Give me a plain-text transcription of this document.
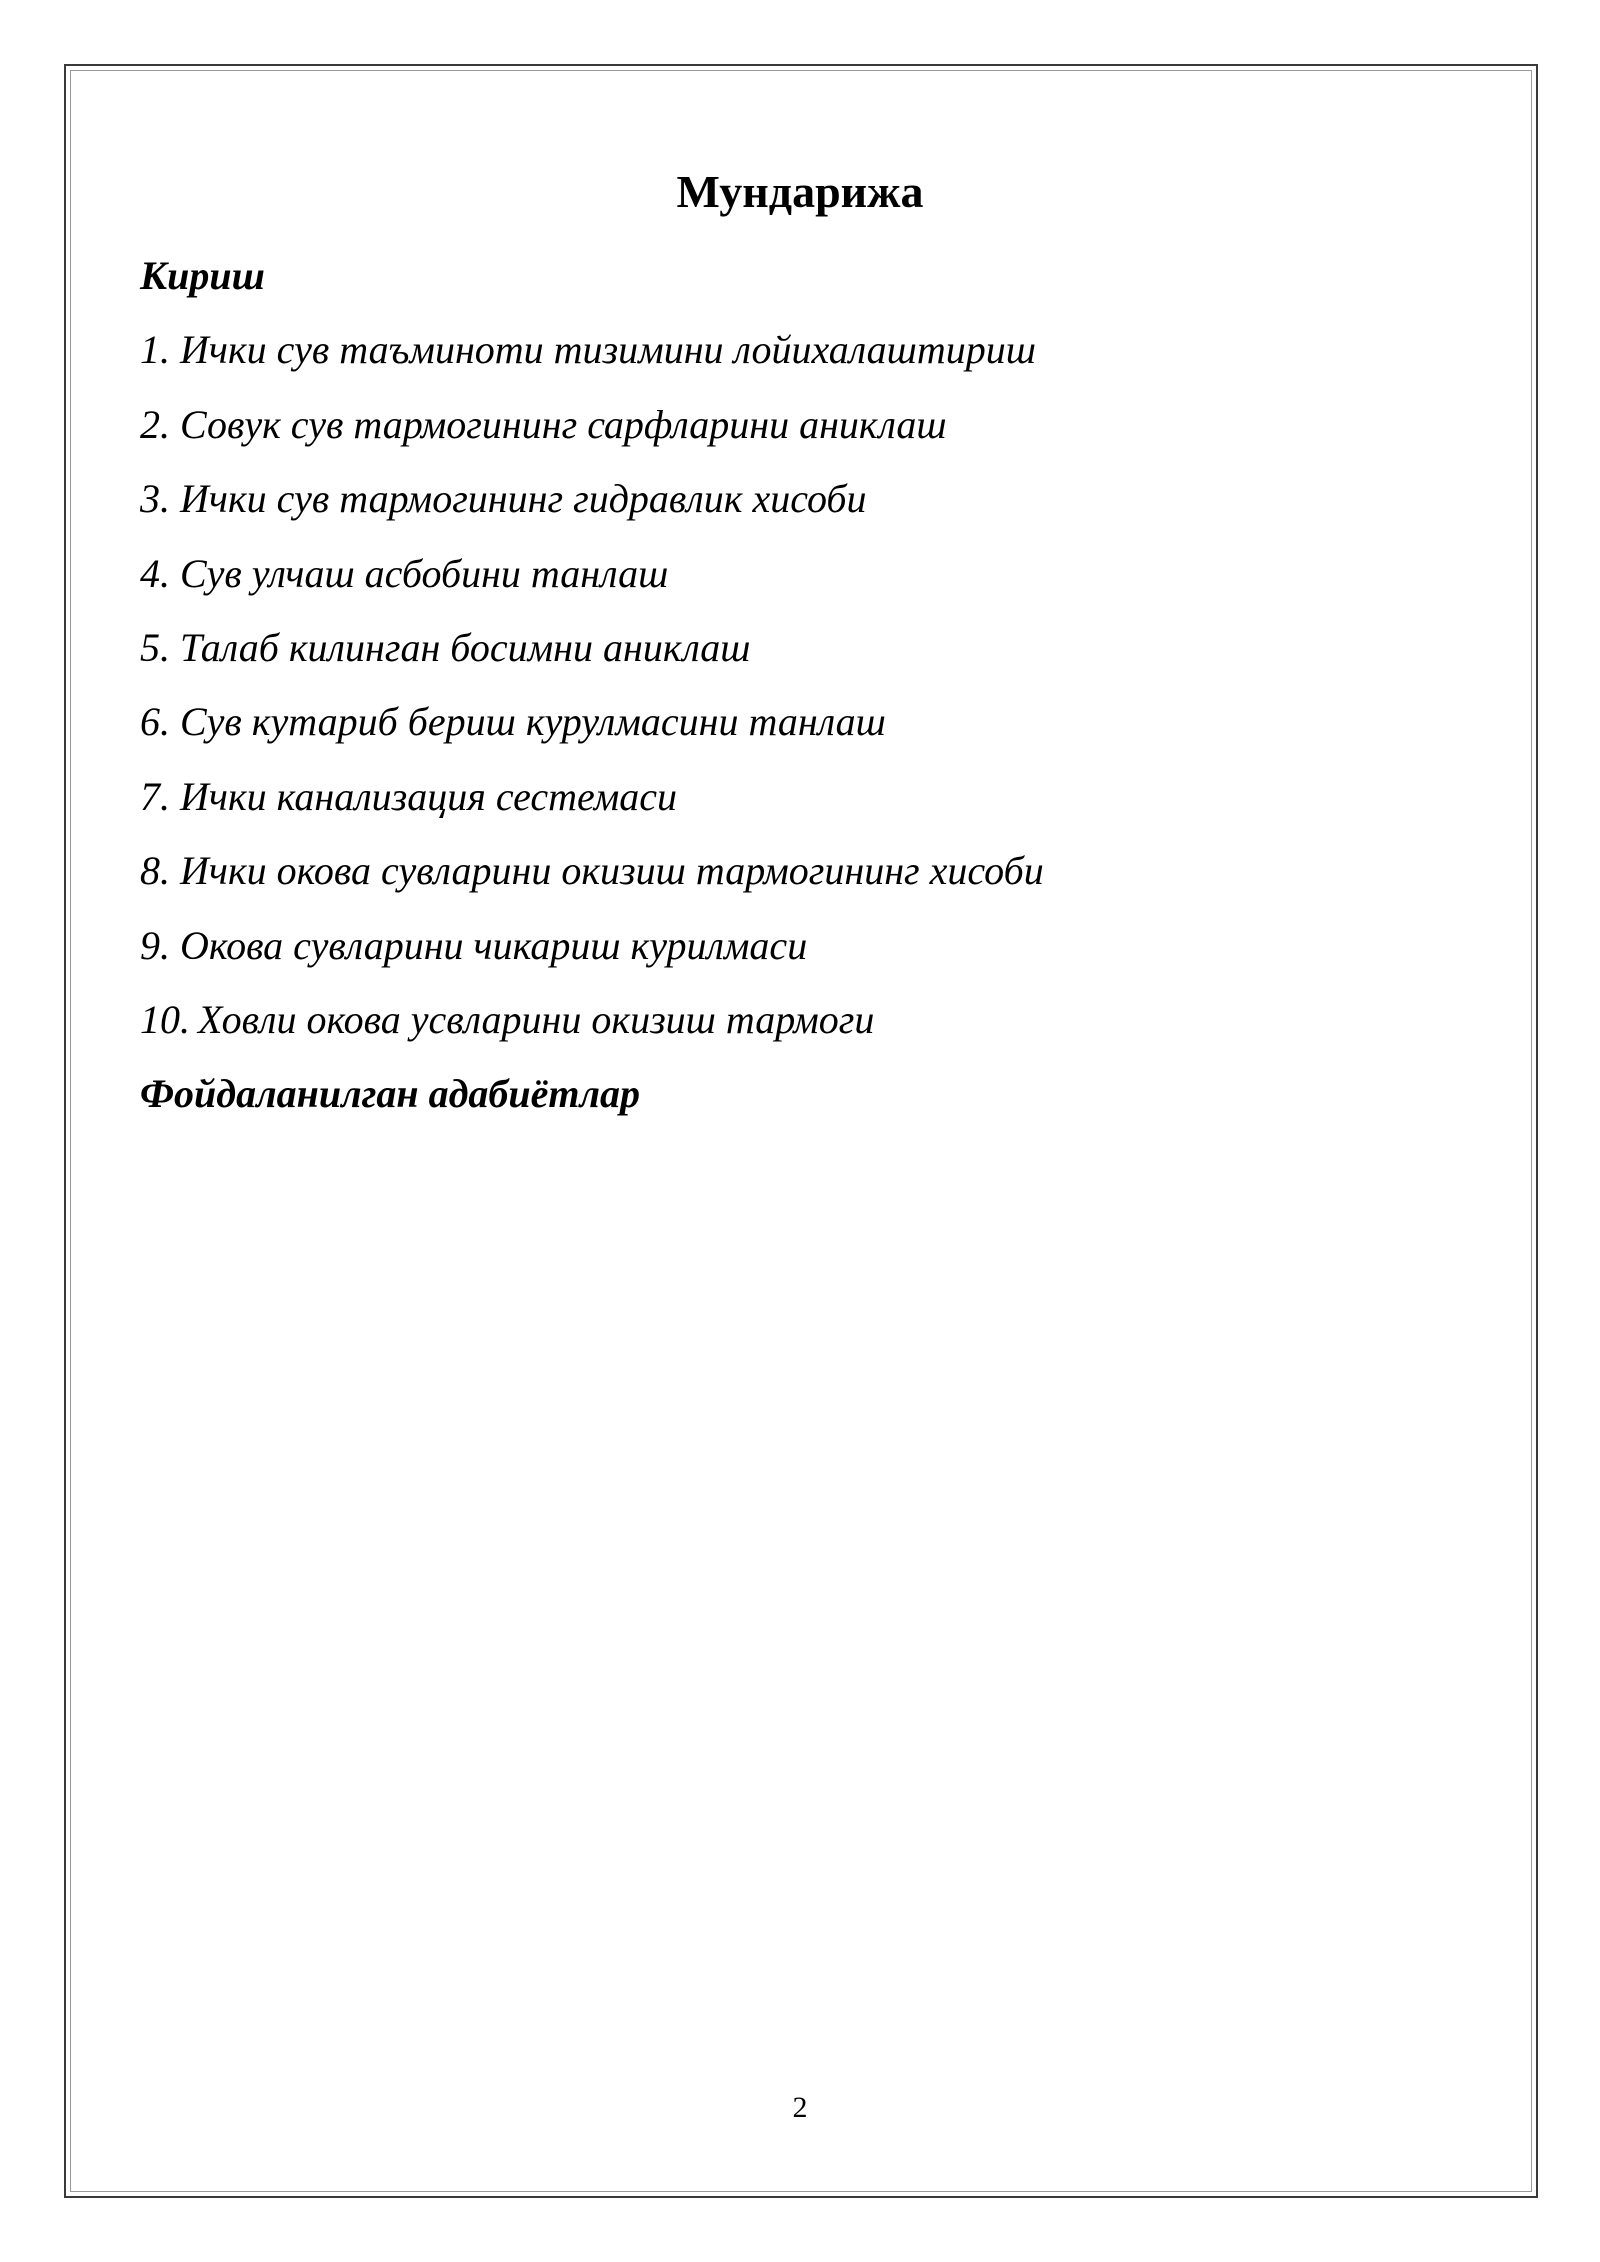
Мундарижа
Кириш
1. Ички сув таъминоти тизимини лойихалаштириш
2. Совук сув тармогининг сарфларини аниклаш
3. Ички сув тармогининг гидравлик хисоби
4. Сув улчаш асбобини танлаш
5. Талаб килинган босимни аниклаш
6. Сув кутариб бериш курулмасини танлаш
7. Ички канализация сестемаси
8. Ички окова сувларини окизиш тармогининг хисоби
9. Окова сувларини чикариш курилмаси
10. Ховли окова усвларини окизиш тармоги
Фойдаланилган адабиётлар
2
